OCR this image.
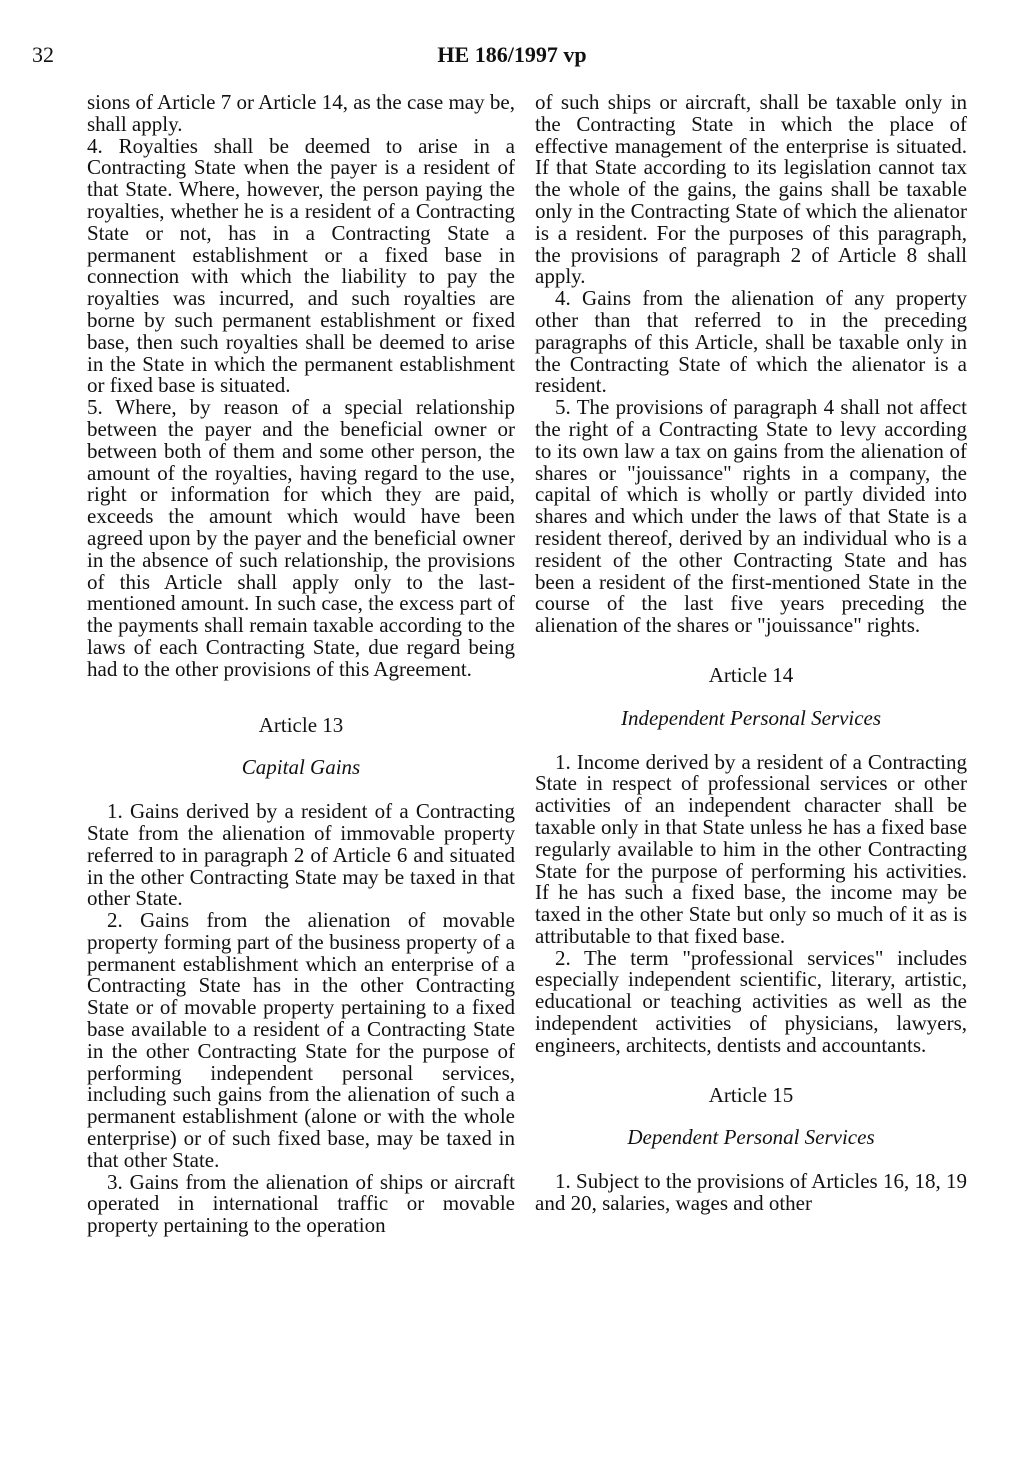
32	HE 186/1997 vp

sions of Article 7 or Article 14, as the case may be, shall apply.

4. Royalties shall be deemed to arise in a Contracting State when the payer is a resident of that State. Where, however, the person paying the royalties, whether he is a resident of a Contracting State or not, has in a Contracting State a permanent establishment or a fixed base in connection with which the liability to pay the royalties was incurred, and such royalties are borne by such permanent establishment or fixed base, then such royalties shall be deemed to arise in the State in which the permanent establishment or fixed base is situated.

5. Where, by reason of a special relationship between the payer and the beneficial owner or between both of them and some other person, the amount of the royalties, having regard to the use, right or information for which they are paid, exceeds the amount which would have been agreed upon by the payer and the beneficial owner in the absence of such relationship, the provisions of this Article shall apply only to the last-mentioned amount. In such case, the excess part of the payments shall remain taxable according to the laws of each Contracting State, due regard being had to the other provisions of this Agreement.

Article 13
Capital Gains

1. Gains derived by a resident of a Contracting State from the alienation of immovable property referred to in paragraph 2 of Article 6 and situated in the other Contracting State may be taxed in that other State.

2. Gains from the alienation of movable property forming part of the business property of a permanent establishment which an enterprise of a Contracting State has in the other Contracting State or of movable property pertaining to a fixed base available to a resident of a Contracting State in the other Contracting State for the purpose of performing independent personal services, including such gains from the alienation of such a permanent establishment (alone or with the whole enterprise) or of such fixed base, may be taxed in that other State.

3. Gains from the alienation of ships or aircraft operated in international traffic or movable property pertaining to the operation

of such ships or aircraft, shall be taxable only in the Contracting State in which the place of effective management of the enterprise is situated. If that State according to its legislation cannot tax the whole of the gains, the gains shall be taxable only in the Contracting State of which the alienator is a resident. For the purposes of this paragraph, the provisions of paragraph 2 of Article 8 shall apply.

4. Gains from the alienation of any property other than that referred to in the preceding paragraphs of this Article, shall be taxable only in the Contracting State of which the alienator is a resident.

5. The provisions of paragraph 4 shall not affect the right of a Contracting State to levy according to its own law a tax on gains from the alienation of shares or "jouissance" rights in a company, the capital of which is wholly or partly divided into shares and which under the laws of that State is a resident thereof, derived by an individual who is a resident of the other Contracting State and has been a resident of the first-mentioned State in the course of the last five years preceding the alienation of the shares or "jouissance" rights.

Article 14
Independent Personal Services

1. Income derived by a resident of a Contracting State in respect of professional services or other activities of an independent character shall be taxable only in that State unless he has a fixed base regularly available to him in the other Contracting State for the purpose of performing his activities. If he has such a fixed base, the income may be taxed in the other State but only so much of it as is attributable to that fixed base.

2. The term "professional services" includes especially independent scientific, literary, artistic, educational or teaching activities as well as the independent activities of physicians, lawyers, engineers, architects, dentists and accountants.

Article 15
Dependent Personal Services

1. Subject to the provisions of Articles 16, 18, 19 and 20, salaries, wages and other
